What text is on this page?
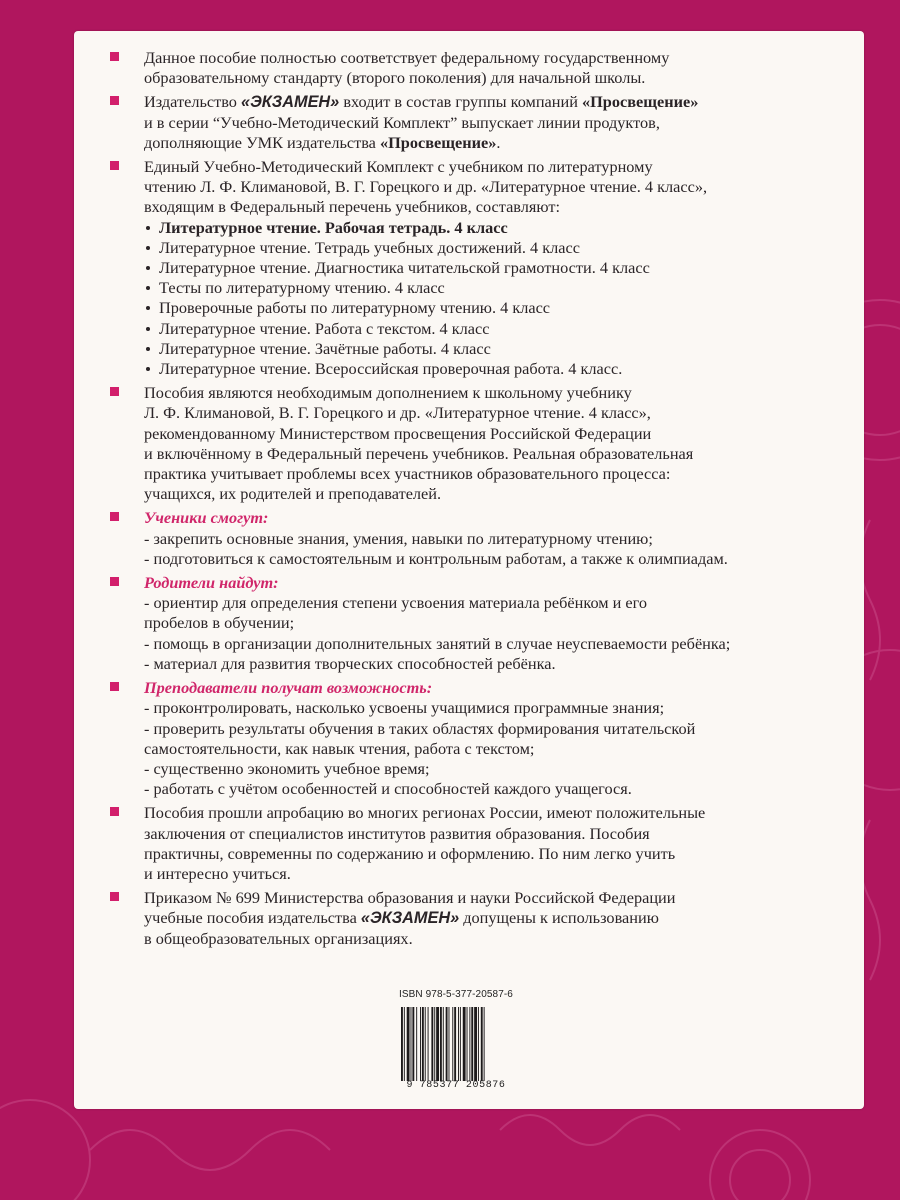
Данное пособие полностью соответствует федеральному государственному
образовательному стандарту (второго поколения) для начальной школы.
Издательство «ЭКЗАМЕН» входит в состав группы компаний «Просвещение»
и в серии “Учебно-Методический Комплект” выпускает линии продуктов,
дополняющие УМК издательства «Просвещение».
Единый Учебно-Методический Комплект с учебником по литературному
чтению Л. Ф. Климановой, В. Г. Горецкого и др. «Литературное чтение. 4 класс»,
входящим в Федеральный перечень учебников, составляют:
Литературное чтение. Рабочая тетрадь. 4 класс
Литературное чтение. Тетрадь учебных достижений. 4 класс
Литературное чтение. Диагностика читательской грамотности. 4 класс
Тесты по литературному чтению. 4 класс
Проверочные работы по литературному чтению. 4 класс
Литературное чтение. Работа с текстом. 4 класс
Литературное чтение. Зачётные работы. 4 класс
Литературное чтение. Всероссийская проверочная работа. 4 класс.
Пособия являются необходимым дополнением к школьному учебнику
Л. Ф. Климановой, В. Г. Горецкого и др. «Литературное чтение. 4 класс»,
рекомендованному Министерством просвещения Российской Федерации
и включённому в Федеральный перечень учебников. Реальная образовательная
практика учитывает проблемы всех участников образовательного процесса:
учащихся, их родителей и преподавателей.
Ученики смогут:
- закрепить основные знания, умения, навыки по литературному чтению;
- подготовиться к самостоятельным и контрольным работам, а также к олимпиадам.
Родители найдут:
- ориентир для определения степени усвоения материала ребёнком и его
пробелов в обучении;
- помощь в организации дополнительных занятий в случае неуспеваемости ребёнка;
- материал для развития творческих способностей ребёнка.
Преподаватели получат возможность:
- проконтролировать, насколько усвоены учащимися программные знания;
- проверить результаты обучения в таких областях формирования читательской
самостоятельности, как навык чтения, работа с текстом;
- существенно экономить учебное время;
- работать с учётом особенностей и способностей каждого учащегося.
Пособия прошли апробацию во многих регионах России, имеют положительные
заключения от специалистов институтов развития образования. Пособия
практичны, современны по содержанию и оформлению. По ним легко учить
и интересно учиться.
Приказом № 699 Министерства образования и науки Российской Федерации
учебные пособия издательства «ЭКЗАМЕН» допущены к использованию
в общеобразовательных организациях.
ISBN 978-5-377-20587-6
9 785377 205876
